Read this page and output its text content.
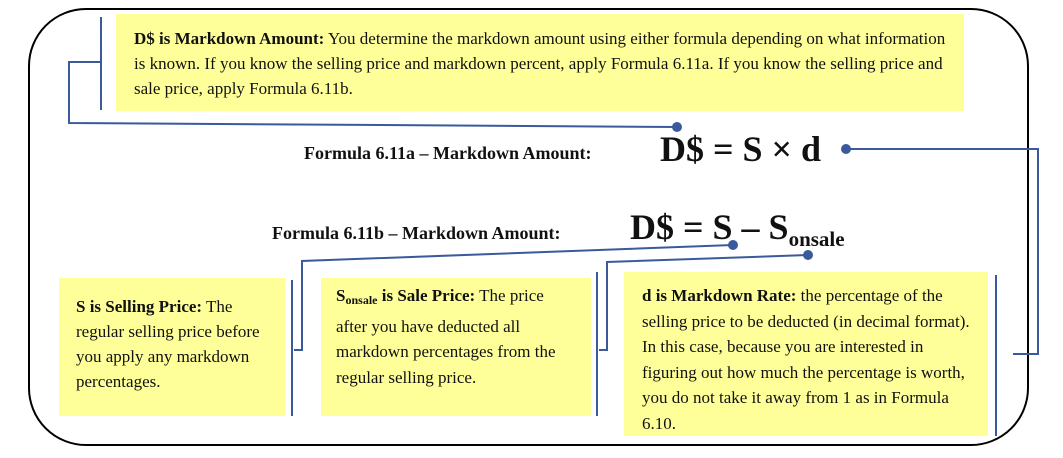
D$ is Markdown Amount: You determine the markdown amount using either formula depending on what information is known. If you know the selling price and markdown percent, apply Formula 6.11a. If you know the selling price and sale price, apply Formula 6.11b.
Formula 6.11a – Markdown Amount: D$ = S × d
Formula 6.11b – Markdown Amount: D$ = S – $S_{onsale}$
S is Selling Price: The regular selling price before you apply any markdown percentages.
$S_{onsale}$ is Sale Price: The price after you have deducted all markdown percentages from the regular selling price.
d is Markdown Rate: the percentage of the selling price to be deducted (in decimal format). In this case, because you are interested in figuring out how much the percentage is worth, you do not take it away from 1 as in Formula 6.10.
